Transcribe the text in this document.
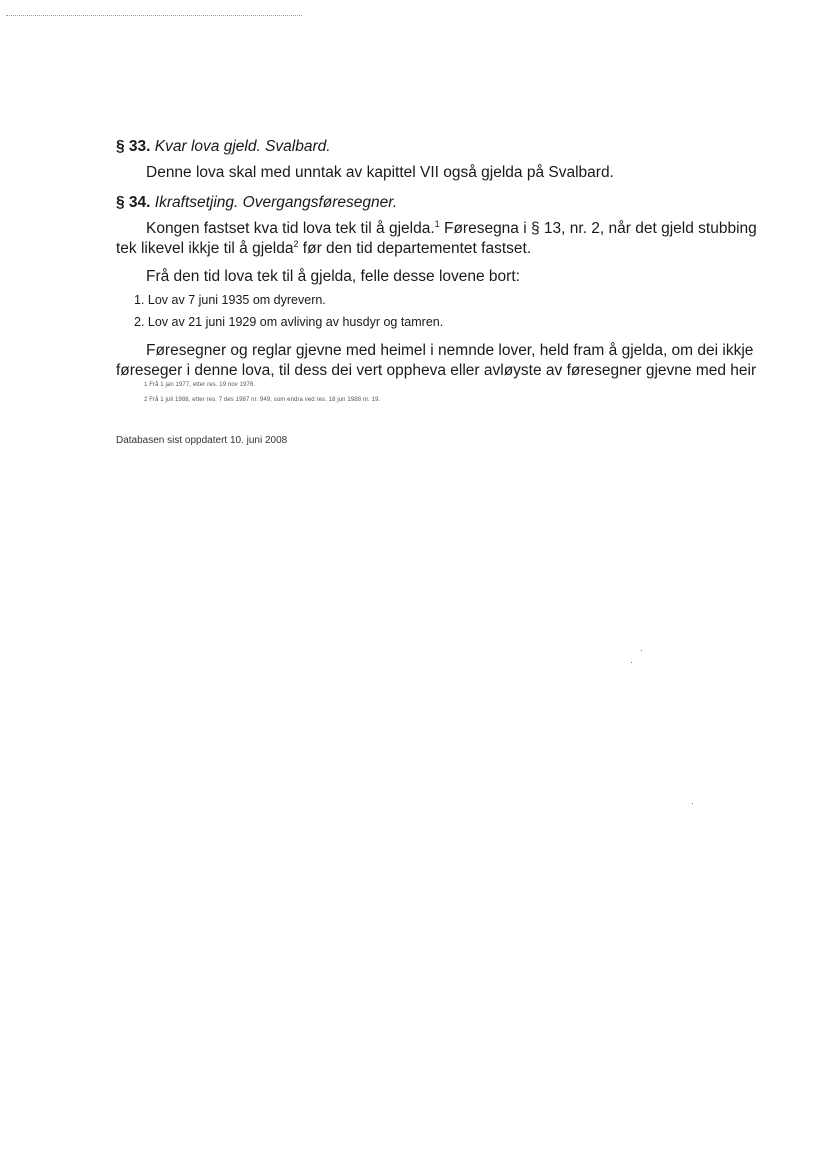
§ 33. Kvar lova gjeld. Svalbard.
Denne lova skal med unntak av kapittel VII også gjelda på Svalbard.
§ 34. Ikraftsetjing. Overgangsføresegner.
Kongen fastset kva tid lova tek til å gjelda.$^1$ Føresegna i § 13, nr. 2, når det gjeld stubbing
tek likevel ikkje til å gjelda$^2$ før den tid departementet fastset.
Frå den tid lova tek til å gjelda, felle desse lovene bort:
1. Lov av 7 juni 1935 om dyrevern.
2. Lov av 21 juni 1929 om avliving av husdyr og tamren.
Føresegner og reglar gjevne med heimel i nemnde lover, held fram å gjelda, om dei ikkje
føreseger i denne lova, til dess dei vert oppheva eller avløyste av føresegner gjevne med heir
1 Frå 1 jan 1977, etter res. 19 nov 1976.
2 Frå 1 juli 1988, etter res. 7 des 1987 nr. 949, som endra ved res. 18 jun 1988 nr. 19.
Databasen sist oppdatert 10. juni 2008
